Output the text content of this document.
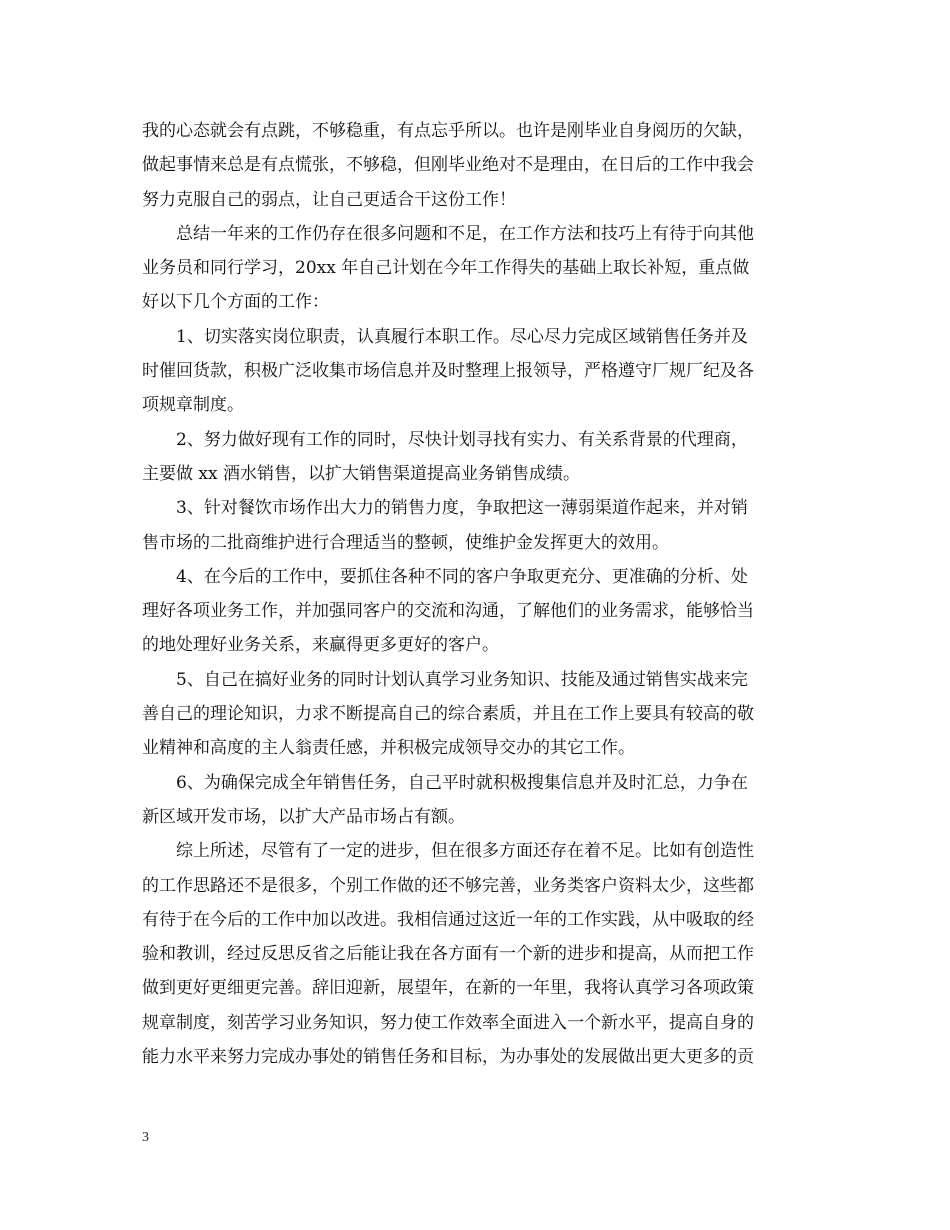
我的心态就会有点跳，不够稳重，有点忘乎所以。也许是刚毕业自身阅历的欠缺，
做起事情来总是有点慌张，不够稳，但刚毕业绝对不是理由，在日后的工作中我会
努力克服自己的弱点，让自己更适合干这份工作！
总结一年来的工作仍存在很多问题和不足，在工作方法和技巧上有待于向其他
业务员和同行学习，20xx 年自己计划在今年工作得失的基础上取长补短，重点做
好以下几个方面的工作：
1、切实落实岗位职责，认真履行本职工作。尽心尽力完成区域销售任务并及
时催回货款，积极广泛收集市场信息并及时整理上报领导，严格遵守厂规厂纪及各
项规章制度。
2、努力做好现有工作的同时，尽快计划寻找有实力、有关系背景的代理商，
主要做 xx 酒水销售，以扩大销售渠道提高业务销售成绩。
3、针对餐饮市场作出大力的销售力度，争取把这一薄弱渠道作起来，并对销
售市场的二批商维护进行合理适当的整顿，使维护金发挥更大的效用。
4、在今后的工作中，要抓住各种不同的客户争取更充分、更准确的分析、处
理好各项业务工作，并加强同客户的交流和沟通，了解他们的业务需求，能够恰当
的地处理好业务关系，来赢得更多更好的客户。
5、自己在搞好业务的同时计划认真学习业务知识、技能及通过销售实战来完
善自己的理论知识，力求不断提高自己的综合素质，并且在工作上要具有较高的敬
业精神和高度的主人翁责任感，并积极完成领导交办的其它工作。
6、为确保完成全年销售任务，自己平时就积极搜集信息并及时汇总，力争在
新区域开发市场，以扩大产品市场占有额。
综上所述，尽管有了一定的进步，但在很多方面还存在着不足。比如有创造性
的工作思路还不是很多，个别工作做的还不够完善，业务类客户资料太少，这些都
有待于在今后的工作中加以改进。我相信通过这近一年的工作实践，从中吸取的经
验和教训，经过反思反省之后能让我在各方面有一个新的进步和提高，从而把工作
做到更好更细更完善。辞旧迎新，展望年，在新的一年里，我将认真学习各项政策
规章制度，刻苦学习业务知识，努力使工作效率全面进入一个新水平，提高自身的
能力水平来努力完成办事处的销售任务和目标，为办事处的发展做出更大更多的贡
3
